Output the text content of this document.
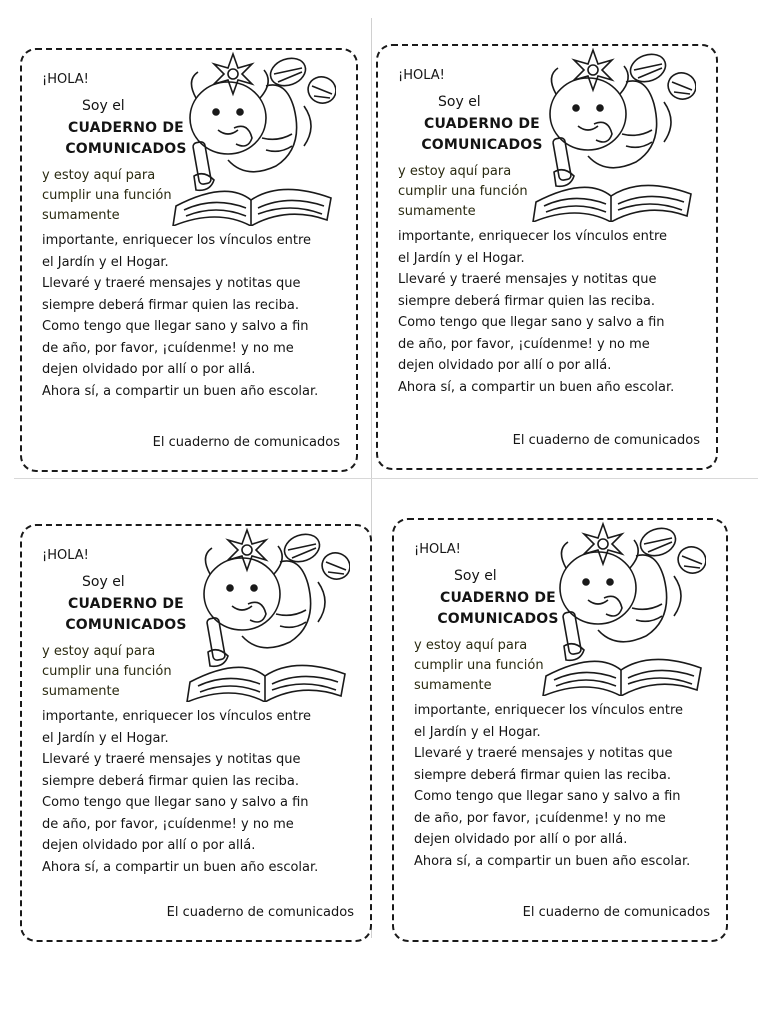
¡HOLA!
Soy el
CUADERNO DE
COMUNICADOS
y estoy aquí para
cumplir una función
sumamente
importante, enriquecer los vínculos entre
el Jardín y el Hogar.
Llevaré y traeré mensajes y notitas que
siempre deberá firmar quien las reciba.
Como tengo que llegar sano y salvo a fin
de año, por favor, ¡cuídenme! y no me
dejen olvidado por allí o por allá.
Ahora sí, a compartir un buen año escolar.
El cuaderno de comunicados
¡HOLA!
Soy el
CUADERNO DE
COMUNICADOS
y estoy aquí para
cumplir una función
sumamente
importante, enriquecer los vínculos entre
el Jardín y el Hogar.
Llevaré y traeré mensajes y notitas que
siempre deberá firmar quien las reciba.
Como tengo que llegar sano y salvo a fin
de año, por favor, ¡cuídenme! y no me
dejen olvidado por allí o por allá.
Ahora sí, a compartir un buen año escolar.
El cuaderno de comunicados
¡HOLA!
Soy el
CUADERNO DE
COMUNICADOS
y estoy aquí para
cumplir una función
sumamente
importante, enriquecer los vínculos entre
el Jardín y el Hogar.
Llevaré y traeré mensajes y notitas que
siempre deberá firmar quien las reciba.
Como tengo que llegar sano y salvo a fin
de año, por favor, ¡cuídenme! y no me
dejen olvidado por allí o por allá.
Ahora sí, a compartir un buen año escolar.
El cuaderno de comunicados
¡HOLA!
Soy el
CUADERNO DE
COMUNICADOS
y estoy aquí para
cumplir una función
sumamente
importante, enriquecer los vínculos entre
el Jardín y el Hogar.
Llevaré y traeré mensajes y notitas que
siempre deberá firmar quien las reciba.
Como tengo que llegar sano y salvo a fin
de año, por favor, ¡cuídenme! y no me
dejen olvidado por allí o por allá.
Ahora sí, a compartir un buen año escolar.
El cuaderno de comunicados
